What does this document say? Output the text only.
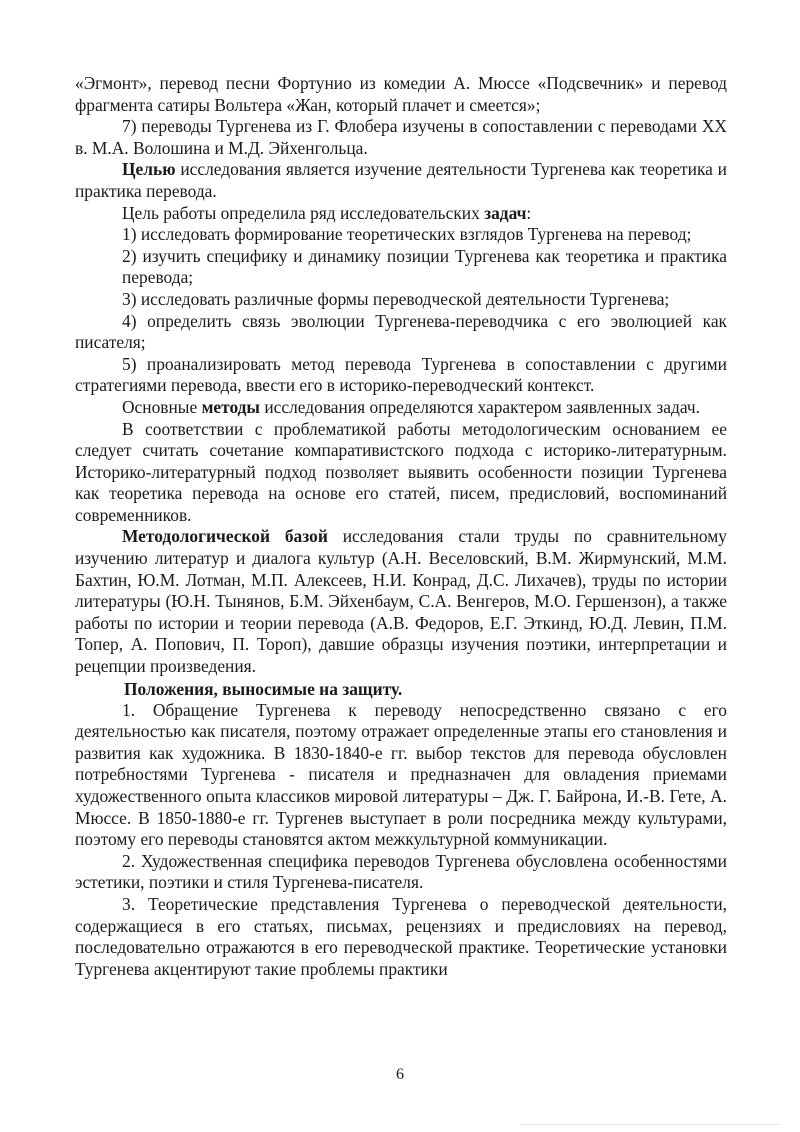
«Эгмонт», перевод песни Фортунио из комедии А. Мюссе «Подсвечник» и перевод фрагмента сатиры Вольтера «Жан, который плачет и смеется»;

7) переводы Тургенева из Г. Флобера изучены в сопоставлении с переводами XX в. М.А. Волошина и М.Д. Эйхенгольца.

Целью исследования является изучение деятельности Тургенева как теоретика и практика перевода.

Цель работы определила ряд исследовательских задач:

1) исследовать формирование теоретических взглядов Тургенева на перевод;

2) изучить специфику и динамику позиции Тургенева как теоретика и практика перевода;

3) исследовать различные формы переводческой деятельности Тургенева;

4) определить связь эволюции Тургенева-переводчика с его эволюцией как писателя;

5) проанализировать метод перевода Тургенева в сопоставлении с другими стратегиями перевода, ввести его в историко-переводческий контекст.

Основные методы исследования определяются характером заявленных задач.

В соответствии с проблематикой работы методологическим основанием ее следует считать сочетание компаративистского подхода с историко-литературным. Историко-литературный подход позволяет выявить особенности позиции Тургенева как теоретика перевода на основе его статей, писем, предисловий, воспоминаний современников.

Методологической базой исследования стали труды по сравнительному изучению литератур и диалога культур (А.Н. Веселовский, В.М. Жирмунский, М.М. Бахтин, Ю.М. Лотман, М.П. Алексеев, Н.И. Конрад, Д.С. Лихачев), труды по истории литературы (Ю.Н. Тынянов, Б.М. Эйхенбаум, С.А. Венгеров, М.О. Гершензон), а также работы по истории и теории перевода (А.В. Федоров, Е.Г. Эткинд, Ю.Д. Левин, П.М. Топер, А. Попович, П. Тороп), давшие образцы изучения поэтики, интерпретации и рецепции произведения.

Положения, выносимые на защиту.

1. Обращение Тургенева к переводу непосредственно связано с его деятельностью как писателя, поэтому отражает определенные этапы его становления и развития как художника. В 1830-1840-е гг. выбор текстов для перевода обусловлен потребностями Тургенева - писателя и предназначен для овладения приемами художественного опыта классиков мировой литературы – Дж. Г. Байрона, И.-В. Гете, А. Мюссе. В 1850-1880-е гг. Тургенев выступает в роли посредника между культурами, поэтому его переводы становятся актом межкультурной коммуникации.

2. Художественная специфика переводов Тургенева обусловлена особенностями эстетики, поэтики и стиля Тургенева-писателя.

3. Теоретические представления Тургенева о переводческой деятельности, содержащиеся в его статьях, письмах, рецензиях и предисловиях на перевод, последовательно отражаются в его переводческой практике. Теоретические установки Тургенева акцентируют такие проблемы практики

6
